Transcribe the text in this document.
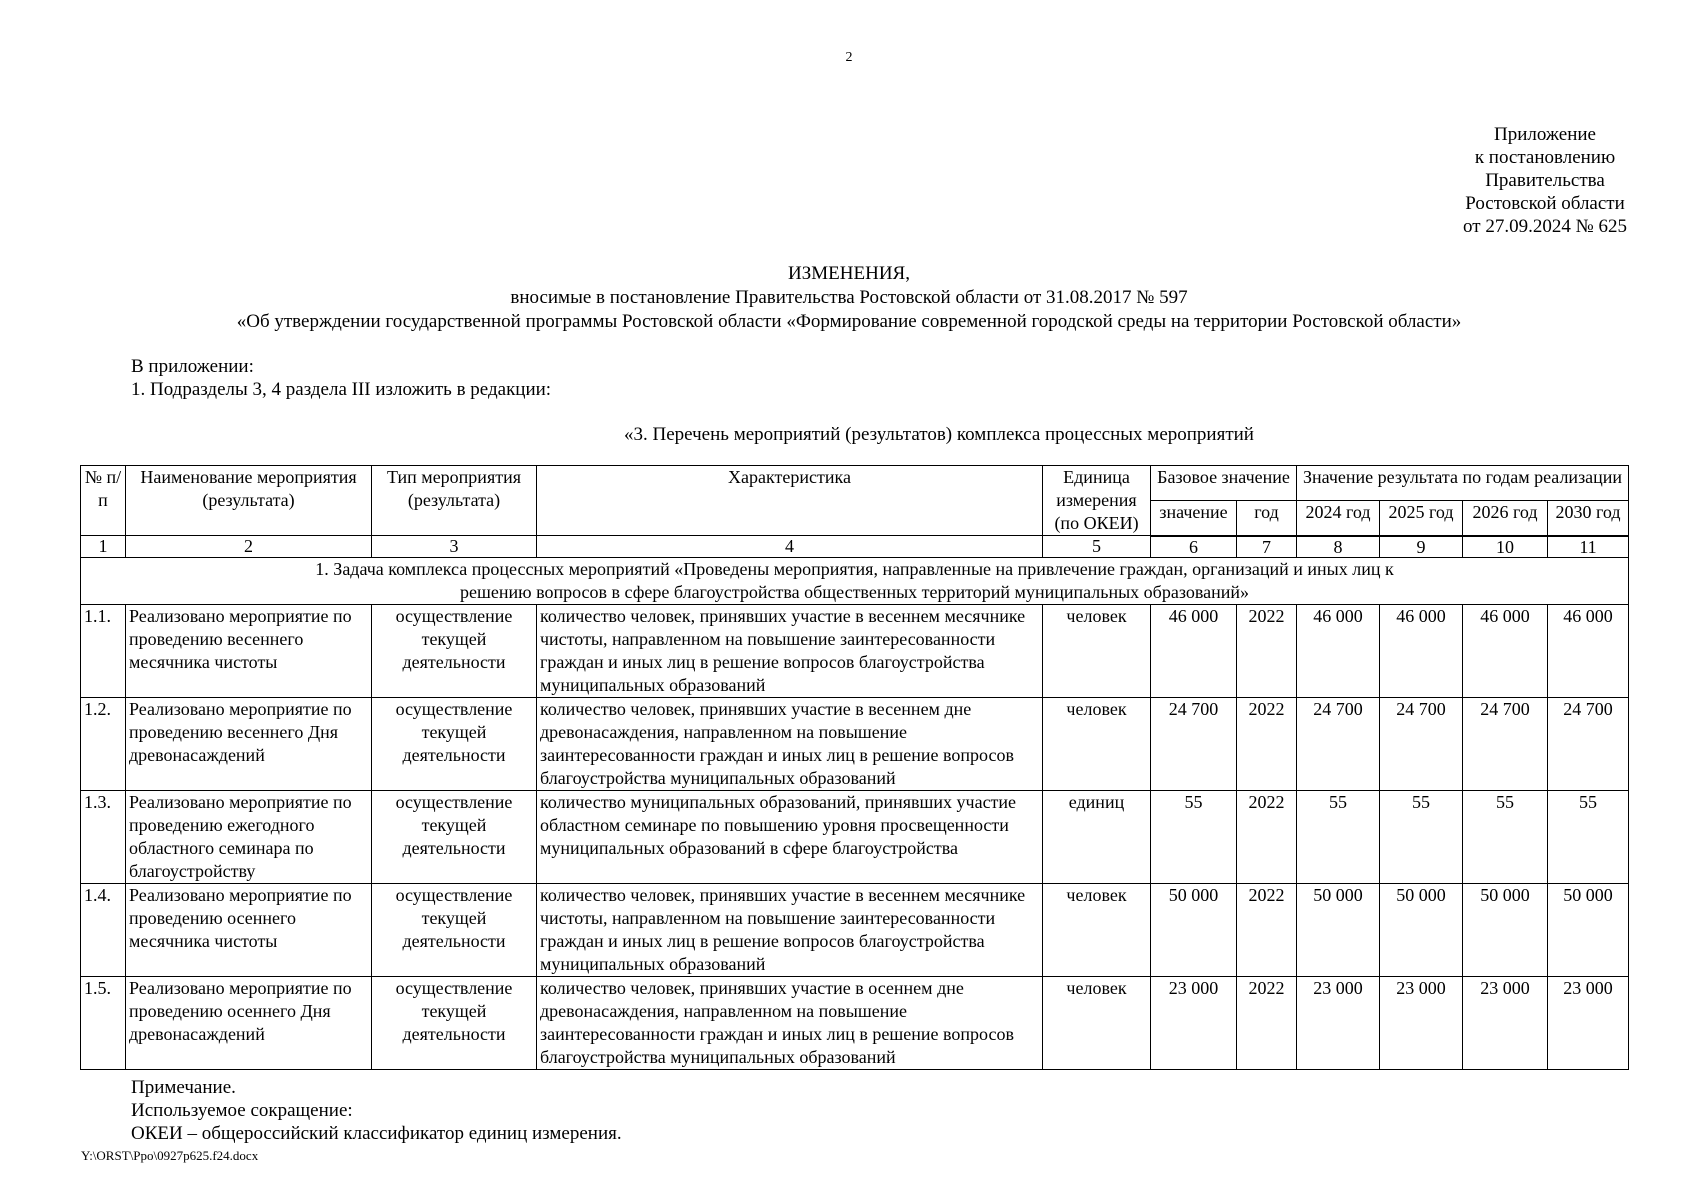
2
Приложение
к постановлению
Правительства
Ростовской области
от 27.09.2024 № 625
ИЗМЕНЕНИЯ,
вносимые в постановление Правительства Ростовской области от 31.08.2017 № 597
«Об утверждении государственной программы Ростовской области «Формирование современной городской среды на территории Ростовской области»
В приложении:
1. Подразделы 3, 4 раздела III изложить в редакции:
«3. Перечень мероприятий (результатов) комплекса процессных мероприятий
№ п/п	Наименование мероприятия (результата)	Тип мероприятия (результата)	Характеристика	Единица измерения (по ОКЕИ)	Базовое значение		Значение результата по годам реализации			
					значение	год	2024 год	2025 год	2026 год	2030 год
1	2	3	4	5	6	7	8	9	10	11
1. Задача комплекса процессных мероприятий «Проведены мероприятия, направленные на привлечение граждан, организаций и иных лиц к решению вопросов в сфере благоустройства общественных территорий муниципальных образований»										
1.1.	Реализовано мероприятие по проведению весеннего месячника чистоты	осуществление текущей деятельности	количество человек, принявших участие в весеннем месячнике чистоты, направленном на повышение заинтересованности граждан и иных лиц в решение вопросов благоустройства муниципальных образований	человек	46 000	2022	46 000	46 000	46 000	46 000
1.2.	Реализовано мероприятие по проведению весеннего Дня древонасаждений	осуществление текущей деятельности	количество человек, принявших участие в весеннем дне древонасаждения, направленном на повышение заинтересованности граждан и иных лиц в решение вопросов благоустройства муниципальных образований	человек	24 700	2022	24 700	24 700	24 700	24 700
1.3.	Реализовано мероприятие по проведению ежегодного областного семинара по благоустройству	осуществление текущей деятельности	количество муниципальных образований, принявших участие областном семинаре по повышению уровня просвещенности муниципальных образований в сфере благоустройства	единиц	55	2022	55	55	55	55
1.4.	Реализовано мероприятие по проведению осеннего месячника чистоты	осуществление текущей деятельности	количество человек, принявших участие в весеннем месячнике чистоты, направленном на повышение заинтересованности граждан и иных лиц в решение вопросов благоустройства муниципальных образований	человек	50 000	2022	50 000	50 000	50 000	50 000
1.5.	Реализовано мероприятие по проведению осеннего Дня древонасаждений	осуществление текущей деятельности	количество человек, принявших участие в осеннем дне древонасаждения, направленном на повышение заинтересованности граждан и иных лиц в решение вопросов благоустройства муниципальных образований	человек	23 000	2022	23 000	23 000	23 000	23 000
Примечание.
Используемое сокращение:
ОКЕИ – общероссийский классификатор единиц измерения.
Y:\ORST\Ppo\0927p625.f24.docx
